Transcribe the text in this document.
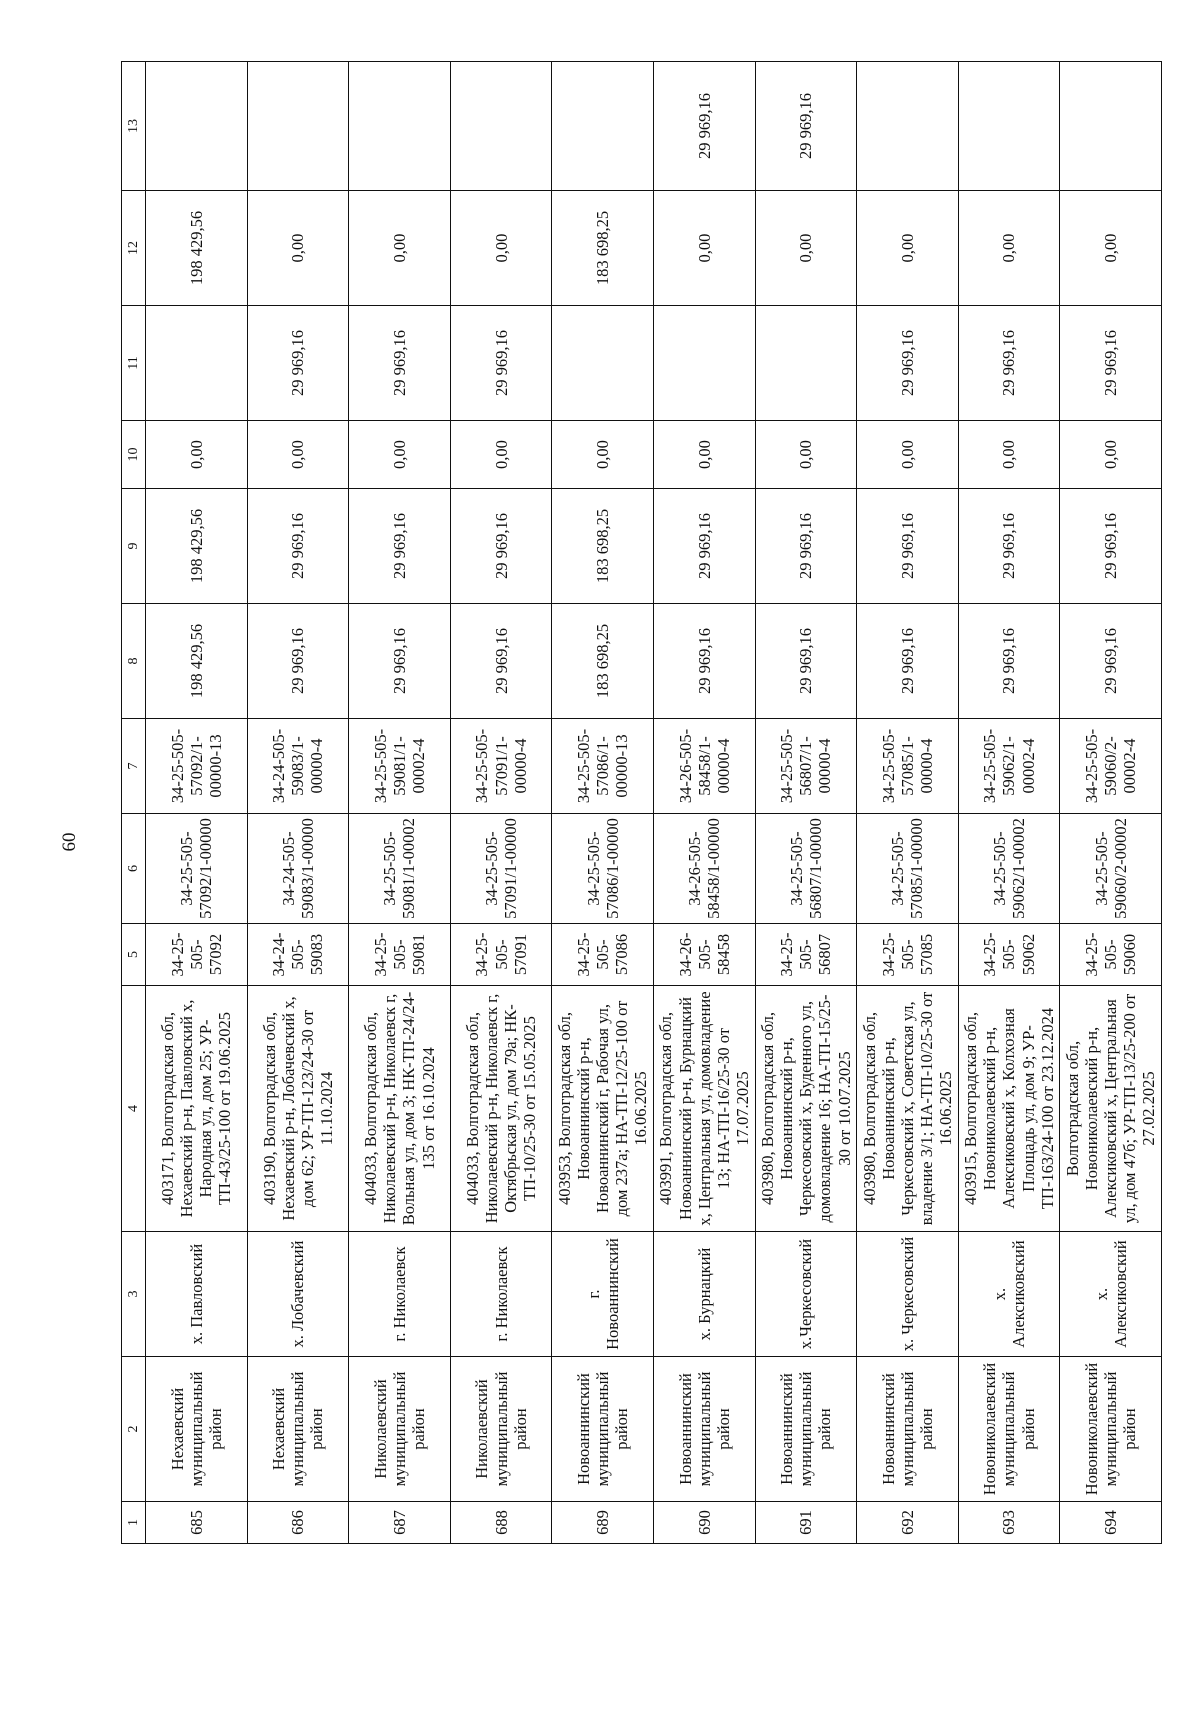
60
1	2	3	4	5	6	7	8	9	10	11	12	13
685	Нехаевский муниципальный район	х. Павловский	403171, Волгоградская обл, Нехаевский р-н, Павловский х, Народная ул, дом 25; УР-ТП-43/25-100 от 19.06.2025	34-25-505-57092	34-25-505-57092/1-00000	34-25-505-57092/1-00000-13	198 429,56	198 429,56	0,00		198 429,56	
686	Нехаевский муниципальный район	х. Лобачевский	403190, Волгоградская обл, Нехаевский р-н, Лобачевский х, дом 62; УР-ТП-123/24-30 от 11.10.2024	34-24-505-59083	34-24-505-59083/1-00000	34-24-505-59083/1-00000-4	29 969,16	29 969,16	0,00	29 969,16	0,00	
687	Николаевский муниципальный район	г. Николаевск	404033, Волгоградская обл, Николаевский р-н, Николаевск г, Вольная ул, дом 3; НК-ТП-24/24-135 от 16.10.2024	34-25-505-59081	34-25-505-59081/1-00002	34-25-505-59081/1-00002-4	29 969,16	29 969,16	0,00	29 969,16	0,00	
688	Николаевский муниципальный район	г. Николаевск	404033, Волгоградская обл, Николаевский р-н, Николаевск г, Октябрьская ул, дом 79а; НК-ТП-10/25-30 от 15.05.2025	34-25-505-57091	34-25-505-57091/1-00000	34-25-505-57091/1-00000-4	29 969,16	29 969,16	0,00	29 969,16	0,00	
689	Новоаннинский муниципальный район	г. Новоаннинский	403953, Волгоградская обл, Новоаннинский р-н, Новоаннинский г, Рабочая ул, дом 237а; НА-ТП-12/25-100 от 16.06.2025	34-25-505-57086	34-25-505-57086/1-00000	34-25-505-57086/1-00000-13	183 698,25	183 698,25	0,00		183 698,25	
690	Новоаннинский муниципальный район	х. Бурнацкий	403991, Волгоградская обл, Новоаннинский р-н, Бурнацкий х, Центральная ул, домовладение 13; НА-ТП-16/25-30 от 17.07.2025	34-26-505-58458	34-26-505-58458/1-00000	34-26-505-58458/1-00000-4	29 969,16	29 969,16	0,00		0,00	29 969,16
691	Новоаннинский муниципальный район	х.Черкесовский	403980, Волгоградская обл, Новоаннинский р-н, Черкесовский х, Буденного ул, домовладение 16; НА-ТП-15/25-30 от 10.07.2025	34-25-505-56807	34-25-505-56807/1-00000	34-25-505-56807/1-00000-4	29 969,16	29 969,16	0,00		0,00	29 969,16
692	Новоаннинский муниципальный район	х. Черкесовский	403980, Волгоградская обл, Новоаннинский р-н, Черкесовский х, Советская ул, владение 3/1; НА-ТП-10/25-30 от 16.06.2025	34-25-505-57085	34-25-505-57085/1-00000	34-25-505-57085/1-00000-4	29 969,16	29 969,16	0,00	29 969,16	0,00	
693	Новониколаевский муниципальный район	х. Алексиковский	403915, Волгоградская обл, Новониколаевский р-н, Алексиковский х, Колхозная Площадь ул, дом 9; УР-ТП-163/24-100 от 23.12.2024	34-25-505-59062	34-25-505-59062/1-00002	34-25-505-59062/1-00002-4	29 969,16	29 969,16	0,00	29 969,16	0,00	
694	Новониколаевский муниципальный район	х. Алексиковский	Волгоградская обл, Новониколаевский р-н, Алексиковский х, Центральная ул, дом 47б; УР-ТП-13/25-200 от 27.02.2025	34-25-505-59060	34-25-505-59060/2-00002	34-25-505-59060/2-00002-4	29 969,16	29 969,16	0,00	29 969,16	0,00	
